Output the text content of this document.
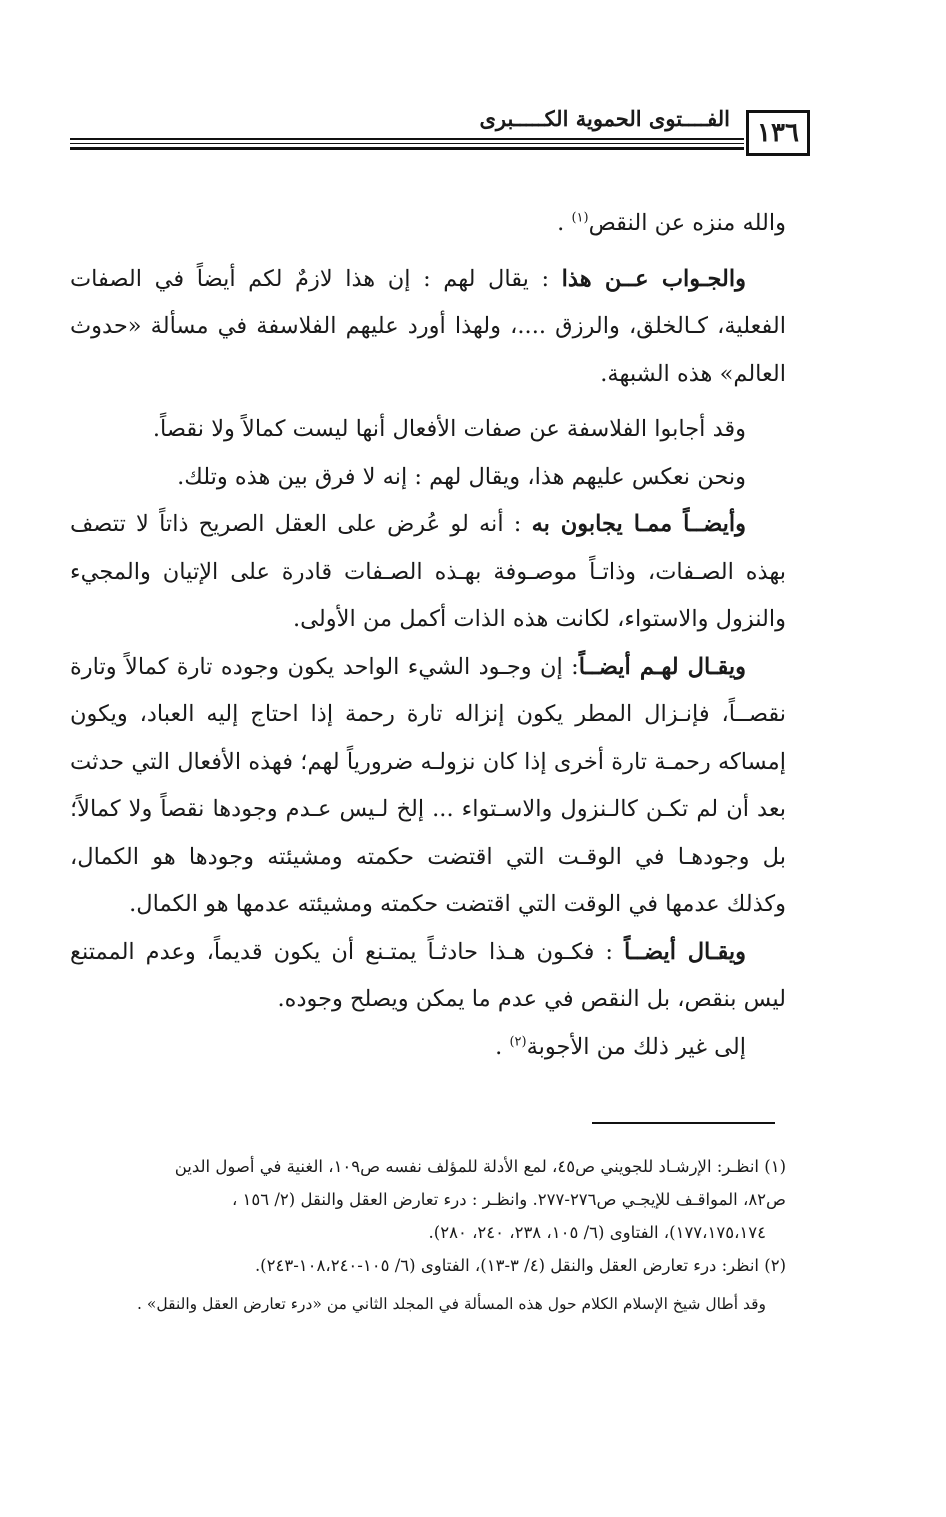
١٣٦
الفــــتوى الحموية الكـــــبرى

والله منزه عن النقص$^{(١)}$ .

والجـواب عــن هذا : يقال لهم : إن هذا لازمٌ لكم أيضاً في الصفات الفعلية، كـالخلق، والرزق ....، ولهذا أورد عليهم الفلاسفة في مسألة «حدوث العالم» هذه الشبهة.

وقد أجابوا الفلاسفة عن صفات الأفعال أنها ليست كمالاً ولا نقصاً.

ونحن نعكس عليهم هذا، ويقال لهم : إنه لا فرق بين هذه وتلك.

وأيضــاً ممـا يجابون به : أنه لو عُرض على العقل الصريح ذاتاً لا تتصف بهذه الصـفات، وذاتـاً موصـوفة بهـذه الصـفات قادرة على الإتيان والمجيء والنزول والاستواء، لكانت هذه الذات أكمل من الأولى.

ويقـال لهـم أيضــاً: إن وجـود الشيء الواحد يكون وجوده تارة كمالاً وتارة نقصــاً، فإنـزال المطر يكون إنزاله تارة رحمة إذا احتاج إليه العباد، ويكون إمساكه رحمـة تارة أخرى إذا كان نزولـه ضرورياً لهم؛ فهذه الأفعال التي حدثت بعد أن لم تكـن كالـنزول والاسـتواء ... إلخ لـيس عـدم وجودها نقصاً ولا كمالاً؛ بل وجودهـا في الوقـت التي اقتضت حكمته ومشيئته وجودها هو الكمال، وكذلك عدمها في الوقت التي اقتضت حكمته ومشيئته عدمها هو الكمال.

ويقـال أيضــاً : فكـون هـذا حادثـاً يمتـنع أن يكون قديماً، وعدم الممتنع ليس بنقص، بل النقص في عدم ما يمكن ويصلح وجوده.

إلى غير ذلك من الأجوبة$^{(٢)}$ .

(١) انظـر: الإرشـاد للجويني ص٤٥، لمع الأدلة للمؤلف نفسه ص١٠٩، الغنية في أصول الدين

ص٨٢، المواقـف للإيجـي ص٢٧٦-٢٧٧. وانظـر : درء تعارض العقل والنقل (٢/ ١٥٦ ،

١٧٧،١٧٥،١٧٤)، الفتاوى (٦/ ١٠٥، ٢٣٨، ٢٤٠، ٢٨٠).

(٢) انظر: درء تعارض العقل والنقل (٤/ ٣-١٣)، الفتاوى (٦/ ١٠٥-١٠٨،٢٤٠-٢٤٣).

وقد أطال شيخ الإسلام الكلام حول هذه المسألة في المجلد الثاني من «درء تعارض العقل والنقل» .
